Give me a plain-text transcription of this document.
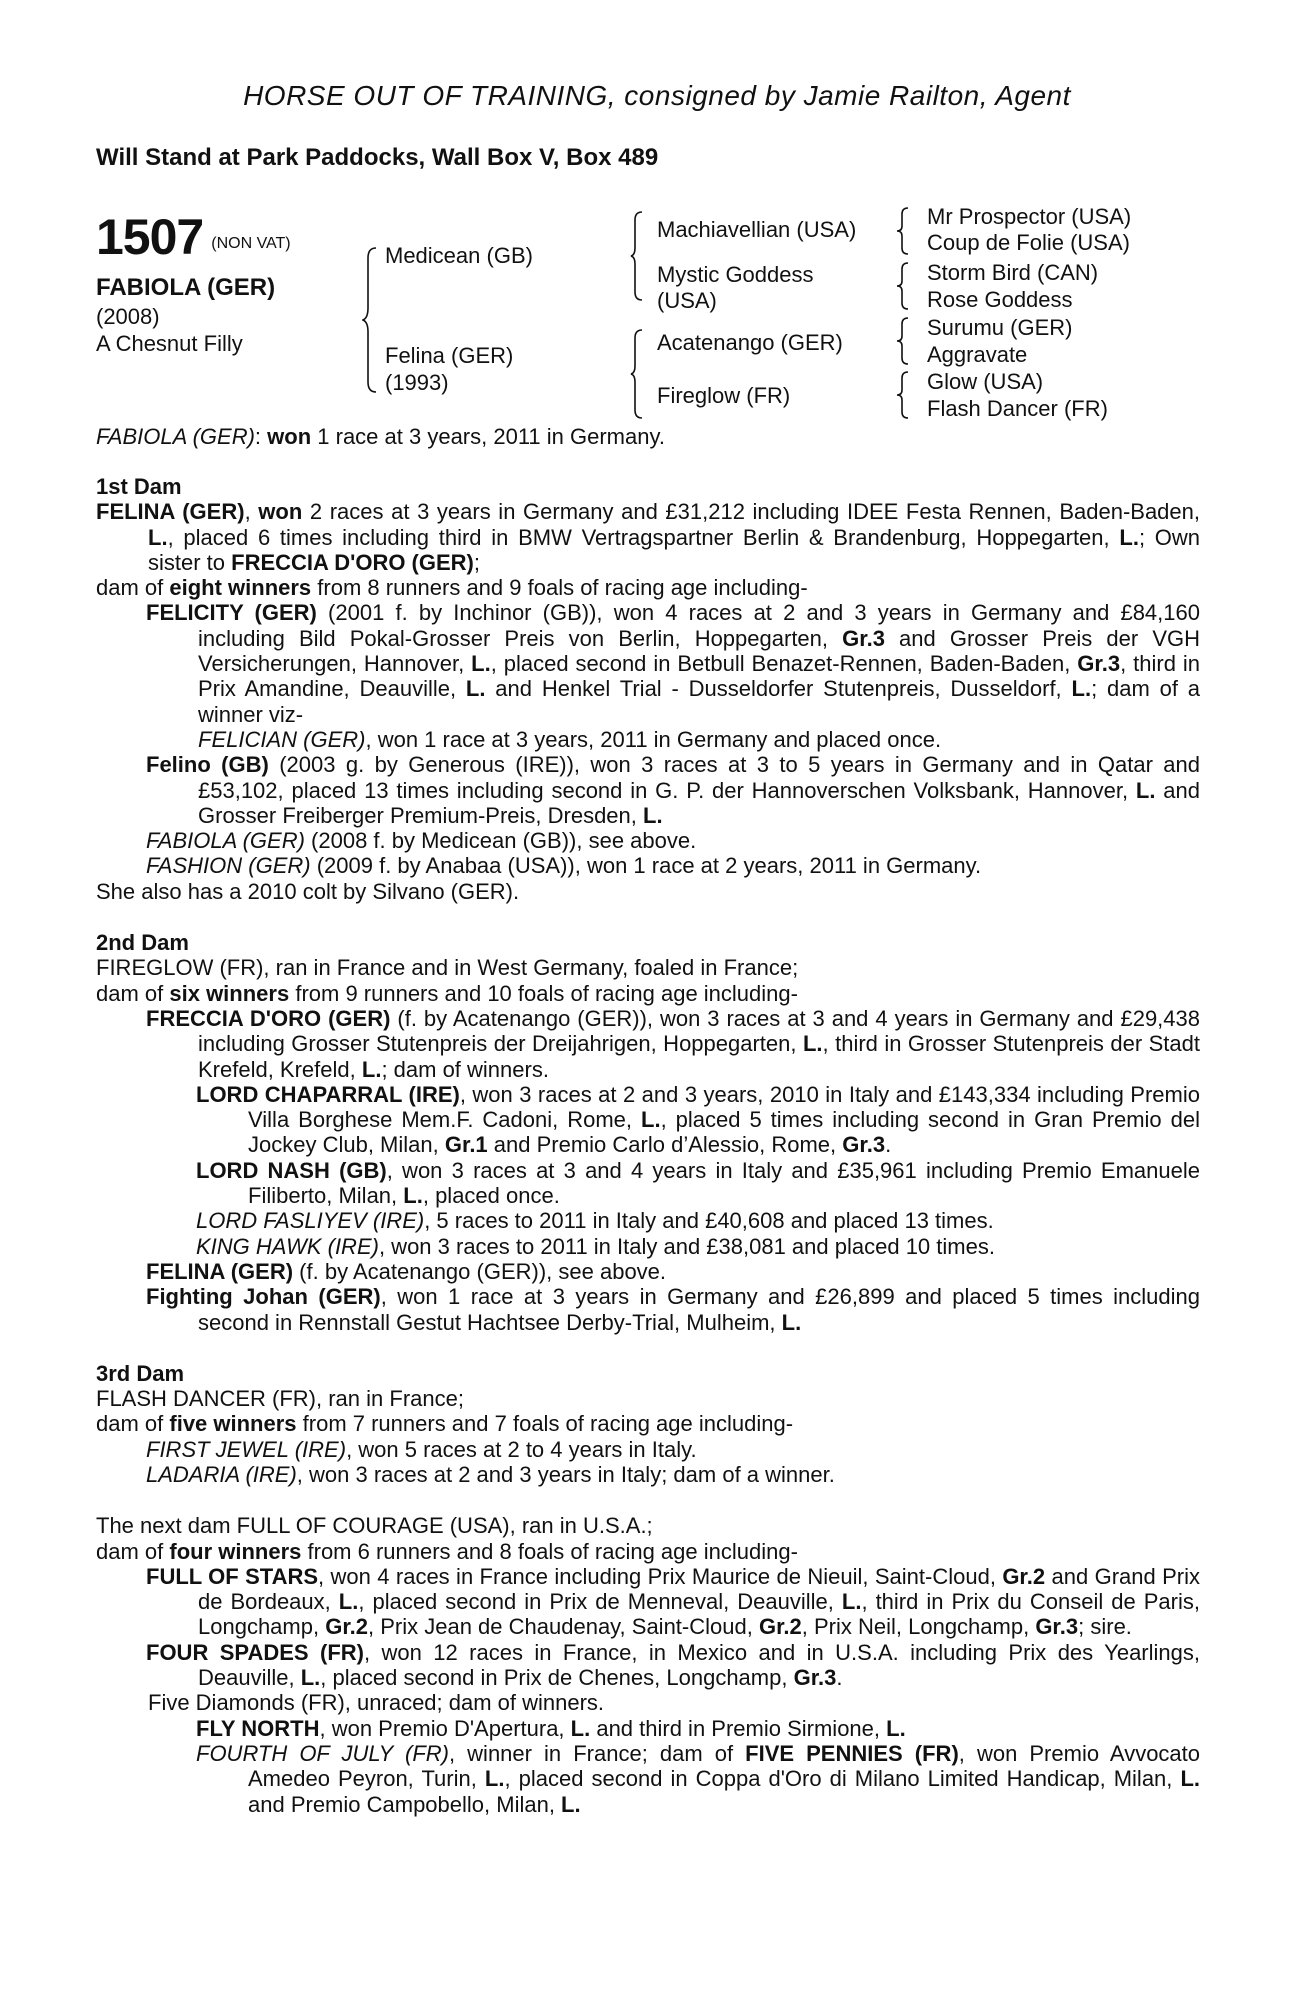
HORSE OUT OF TRAINING, consigned by Jamie Railton, Agent
Will Stand at Park Paddocks, Wall Box V, Box 489
1507 (NON VAT)
FABIOLA (GER)
(2008)
A Chesnut Filly
Medicean (GB)
Felina (GER)
(1993)
Machiavellian (USA)
Mystic Goddess
(USA)
Acatenango (GER)
Fireglow (FR)
Mr Prospector (USA)
Coup de Folie (USA)
Storm Bird (CAN)
Rose Goddess
Surumu (GER)
Aggravate
Glow (USA)
Flash Dancer (FR)
FABIOLA (GER): won 1 race at 3 years, 2011 in Germany.
1st Dam

FELINA (GER), won 2 races at 3 years in Germany and £31,212 including IDEE Festa Rennen, Baden-Baden, L., placed 6 times including third in BMW Vertragspartner Berlin & Brandenburg, Hoppegarten, L.; Own sister to FRECCIA D'ORO (GER);

dam of eight winners from 8 runners and 9 foals of racing age including-

FELICITY (GER) (2001 f. by Inchinor (GB)), won 4 races at 2 and 3 years in Germany and £84,160 including Bild Pokal-Grosser Preis von Berlin, Hoppegarten, Gr.3 and Grosser Preis der VGH Versicherungen, Hannover, L., placed second in Betbull Benazet-Rennen, Baden-Baden, Gr.3, third in Prix Amandine, Deauville, L. and Henkel Trial - Dusseldorfer Stutenpreis, Dusseldorf, L.; dam of a winner viz-
FELICIAN (GER), won 1 race at 3 years, 2011 in Germany and placed once.

Felino (GB) (2003 g. by Generous (IRE)), won 3 races at 3 to 5 years in Germany and in Qatar and £53,102, placed 13 times including second in G. P. der Hannoverschen Volksbank, Hannover, L. and Grosser Freiberger Premium-Preis, Dresden, L.

FABIOLA (GER) (2008 f. by Medicean (GB)), see above.

FASHION (GER) (2009 f. by Anabaa (USA)), won 1 race at 2 years, 2011 in Germany.

She also has a 2010 colt by Silvano (GER).

2nd Dam

FIREGLOW (FR), ran in France and in West Germany, foaled in France;

dam of six winners from 9 runners and 10 foals of racing age including-

FRECCIA D'ORO (GER) (f. by Acatenango (GER)), won 3 races at 3 and 4 years in Germany and £29,438 including Grosser Stutenpreis der Dreijahrigen, Hoppegarten, L., third in Grosser Stutenpreis der Stadt Krefeld, Krefeld, L.; dam of winners.

LORD CHAPARRAL (IRE), won 3 races at 2 and 3 years, 2010 in Italy and £143,334 including Premio Villa Borghese Mem.F. Cadoni, Rome, L., placed 5 times including second in Gran Premio del Jockey Club, Milan, Gr.1 and Premio Carlo d’Alessio, Rome, Gr.3.

LORD NASH (GB), won 3 races at 3 and 4 years in Italy and £35,961 including Premio Emanuele Filiberto, Milan, L., placed once.

LORD FASLIYEV (IRE), 5 races to 2011 in Italy and £40,608 and placed 13 times.

KING HAWK (IRE), won 3 races to 2011 in Italy and £38,081 and placed 10 times.

FELINA (GER) (f. by Acatenango (GER)), see above.

Fighting Johan (GER), won 1 race at 3 years in Germany and £26,899 and placed 5 times including second in Rennstall Gestut Hachtsee Derby-Trial, Mulheim, L.

3rd Dam

FLASH DANCER (FR), ran in France;

dam of five winners from 7 runners and 7 foals of racing age including-

FIRST JEWEL (IRE), won 5 races at 2 to 4 years in Italy.

LADARIA (IRE), won 3 races at 2 and 3 years in Italy; dam of a winner.

The next dam FULL OF COURAGE (USA), ran in U.S.A.;

dam of four winners from 6 runners and 8 foals of racing age including-

FULL OF STARS, won 4 races in France including Prix Maurice de Nieuil, Saint-Cloud, Gr.2 and Grand Prix de Bordeaux, L., placed second in Prix de Menneval, Deauville, L., third in Prix du Conseil de Paris, Longchamp, Gr.2, Prix Jean de Chaudenay, Saint-Cloud, Gr.2, Prix Neil, Longchamp, Gr.3; sire.

FOUR SPADES (FR), won 12 races in France, in Mexico and in U.S.A. including Prix des Yearlings, Deauville, L., placed second in Prix de Chenes, Longchamp, Gr.3.

Five Diamonds (FR), unraced; dam of winners.

FLY NORTH, won Premio D'Apertura, L. and third in Premio Sirmione, L.

FOURTH OF JULY (FR), winner in France; dam of FIVE PENNIES (FR), won Premio Avvocato Amedeo Peyron, Turin, L., placed second in Coppa d'Oro di Milano Limited Handicap, Milan, L. and Premio Campobello, Milan, L.
